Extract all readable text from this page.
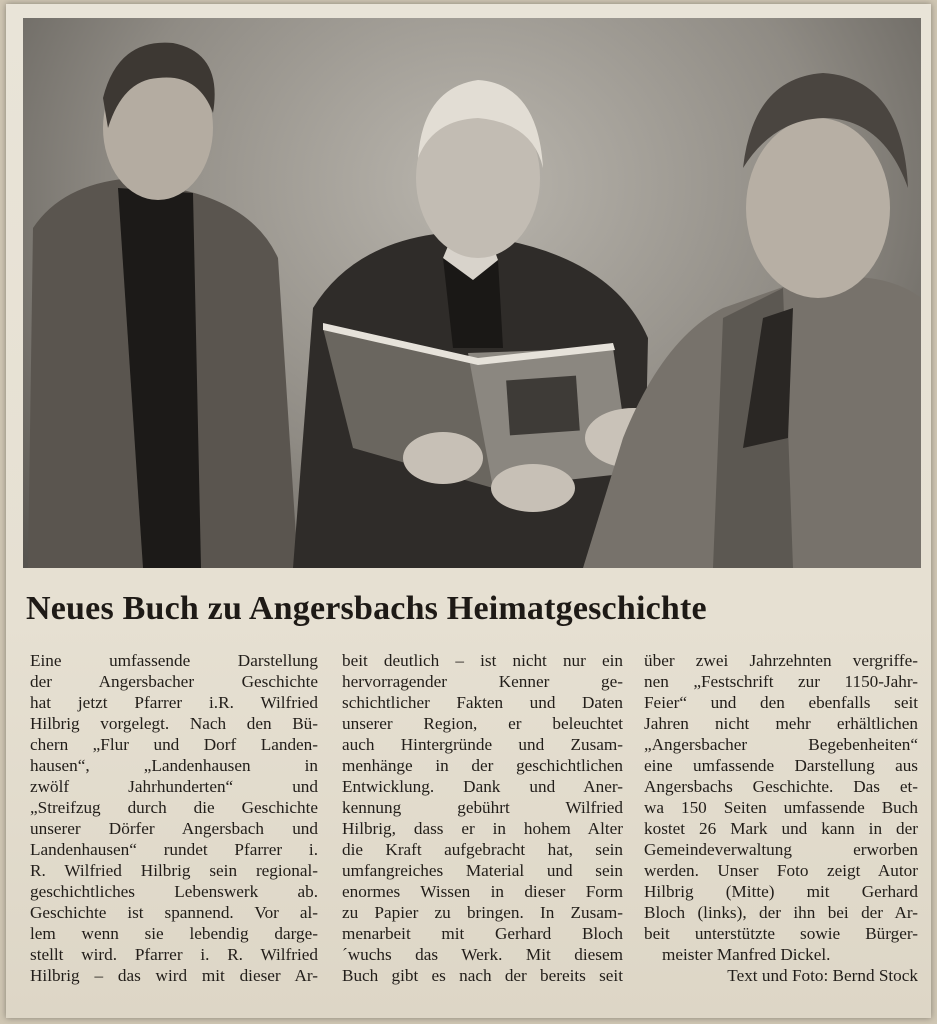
Neues Buch zu Angersbachs Heimatgeschichte
Eine umfassende Darstellung
der Angersbacher Geschichte
hat jetzt Pfarrer i.R. Wilfried
Hilbrig vorgelegt. Nach den Bü-
chern „Flur und Dorf Landen-
hausen“, „Landenhausen in
zwölf Jahrhunderten“ und
„Streifzug durch die Geschichte
unserer Dörfer Angersbach und
Landenhausen“ rundet Pfarrer i.
R. Wilfried Hilbrig sein regional-
geschichtliches Lebenswerk ab.
Geschichte ist spannend. Vor al-
lem wenn sie lebendig darge-
stellt wird. Pfarrer i. R. Wilfried
Hilbrig – das wird mit dieser Ar-
beit deutlich – ist nicht nur ein
hervorragender Kenner ge-
schichtlicher Fakten und Daten
unserer Region, er beleuchtet
auch Hintergründe und Zusam-
menhänge in der geschichtlichen
Entwicklung. Dank und Aner-
kennung gebührt Wilfried
Hilbrig, dass er in hohem Alter
die Kraft aufgebracht hat, sein
umfangreiches Material und sein
enormes Wissen in dieser Form
zu Papier zu bringen. In Zusam-
menarbeit mit Gerhard Bloch
´wuchs das Werk. Mit diesem
Buch gibt es nach der bereits seit
über zwei Jahrzehnten vergriffe-
nen „Festschrift zur 1150-Jahr-
Feier“ und den ebenfalls seit
Jahren nicht mehr erhältlichen
„Angersbacher Begebenheiten“
eine umfassende Darstellung aus
Angersbachs Geschichte. Das et-
wa 150 Seiten umfassende Buch
kostet 26 Mark und kann in der
Gemeindeverwaltung erworben
werden. Unser Foto zeigt Autor
Hilbrig (Mitte) mit Gerhard
Bloch (links), der ihn bei der Ar-
beit unterstützte sowie Bürger-
meister Manfred Dickel.
Text und Foto: Bernd Stock
